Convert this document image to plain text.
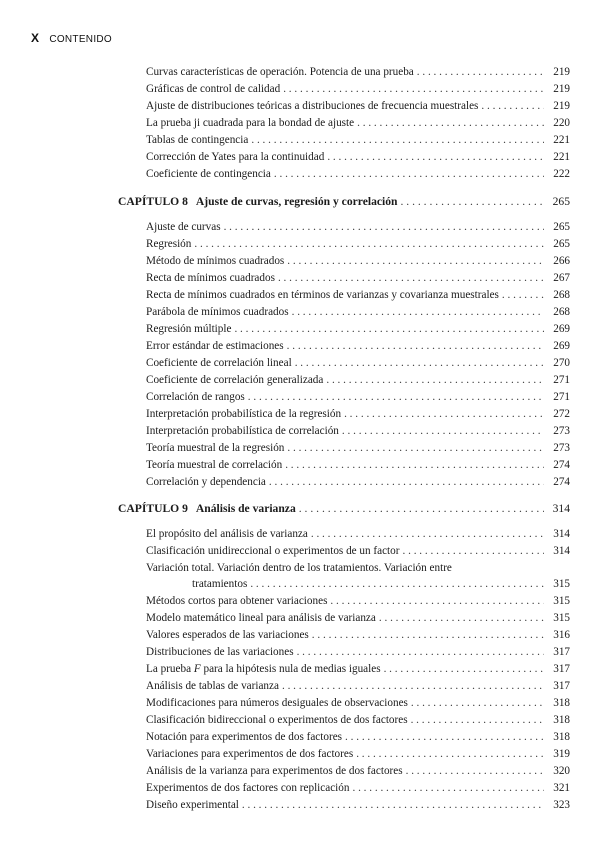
X CONTENIDO
Curvas características de operación. Potencia de una prueba . . .	219
Gráficas de control de calidad . . .	219
Ajuste de distribuciones teóricas a distribuciones de frecuencia muestrales . . .	219
La prueba ji cuadrada para la bondad de ajuste . . .	220
Tablas de contingencia . . .	221
Corrección de Yates para la continuidad . . .	221
Coeficiente de contingencia . . .	222
CAPÍTULO 8 Ajuste de curvas, regresión y correlación . . .	265
Ajuste de curvas . . .	265
Regresión . . .	265
Método de mínimos cuadrados . . .	266
Recta de mínimos cuadrados . . .	267
Recta de mínimos cuadrados en términos de varianzas y covarianza muestrales . . .	268
Parábola de mínimos cuadrados . . .	268
Regresión múltiple . . .	269
Error estándar de estimaciones . . .	269
Coeficiente de correlación lineal . . .	270
Coeficiente de correlación generalizada . . .	271
Correlación de rangos . . .	271
Interpretación probabilística de la regresión . . .	272
Interpretación probabilística de correlación . . .	273
Teoría muestral de la regresión . . .	273
Teoría muestral de correlación . . .	274
Correlación y dependencia . . .	274
CAPÍTULO 9 Análisis de varianza . . .	314
El propósito del análisis de varianza . . .	314
Clasificación unidireccional o experimentos de un factor . . .	314
Variación total. Variación dentro de los tratamientos. Variación entre
tratamientos . . .	315
Métodos cortos para obtener variaciones . . .	315
Modelo matemático lineal para análisis de varianza . . .	315
Valores esperados de las variaciones . . .	316
Distribuciones de las variaciones . . .	317
La prueba F para la hipótesis nula de medias iguales . . .	317
Análisis de tablas de varianza . . .	317
Modificaciones para números desiguales de observaciones . . .	318
Clasificación bidireccional o experimentos de dos factores . . .	318
Notación para experimentos de dos factores . . .	318
Variaciones para experimentos de dos factores . . .	319
Análisis de la varianza para experimentos de dos factores . . .	320
Experimentos de dos factores con replicación . . .	321
Diseño experimental . . .	323
